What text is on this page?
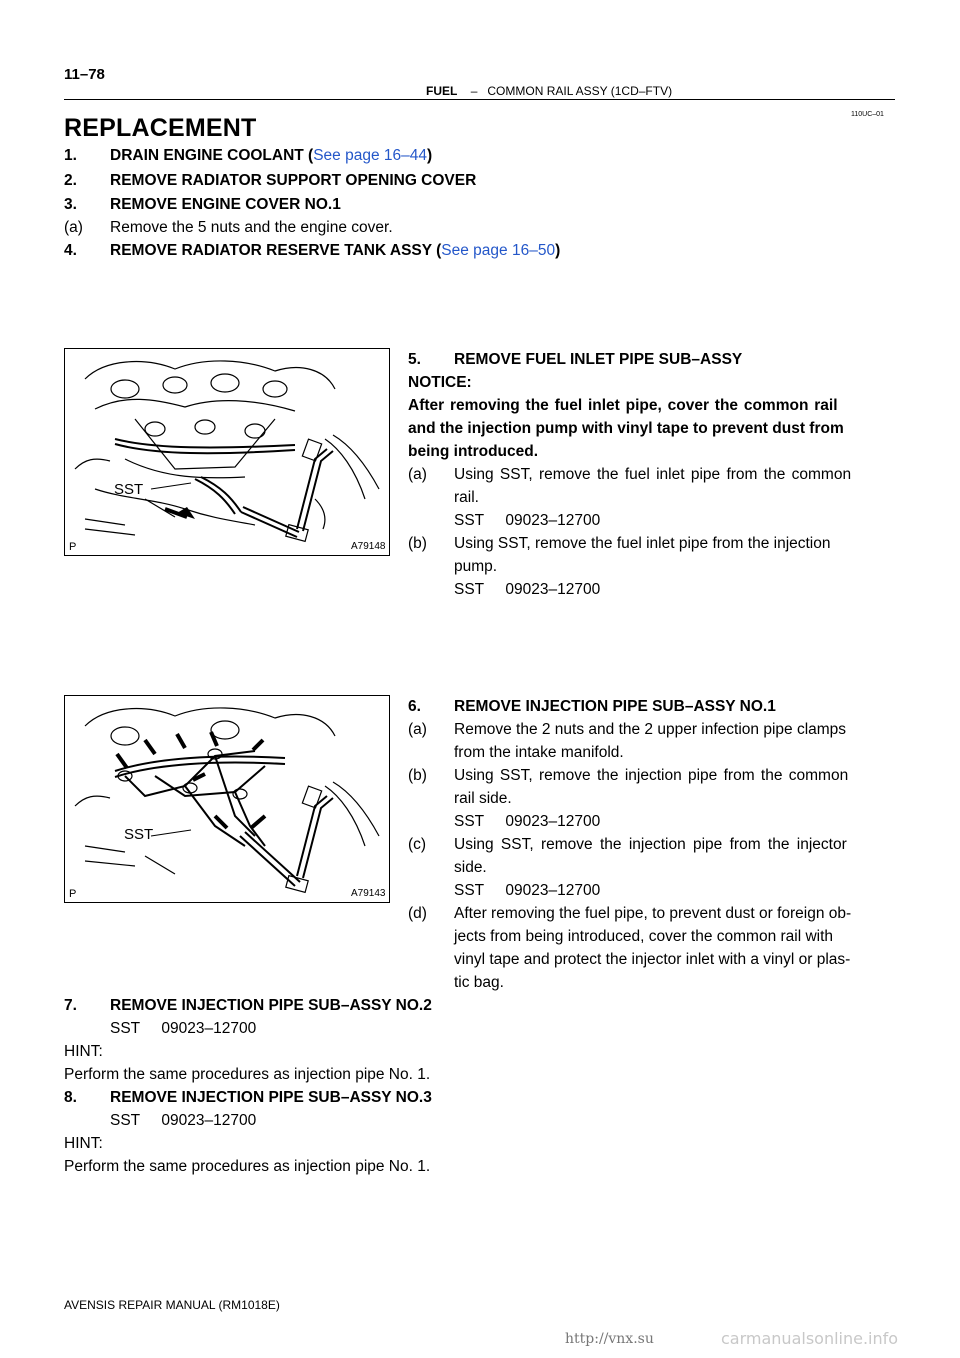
11–78
FUEL – COMMON RAIL ASSY (1CD–FTV)
110UC–01
REPLACEMENT
1. DRAIN ENGINE COOLANT (See page 16–44)
2. REMOVE RADIATOR SUPPORT OPENING COVER
3. REMOVE ENGINE COVER NO.1
(a) Remove the 5 nuts and the engine cover.
4. REMOVE RADIATOR RESERVE TANK ASSY (See page 16–50)
P	A79148
SST
5. REMOVE FUEL INLET PIPE SUB–ASSY
NOTICE:
After removing the fuel inlet pipe, cover the common rail
and the injection pump with vinyl tape to prevent dust from
being introduced.
(a) Using SST, remove the fuel inlet pipe from the common
rail.
SST     09023–12700
(b) Using SST, remove the fuel inlet pipe from the injection
pump.
SST     09023–12700
P	A79143
SST
6. REMOVE INJECTION PIPE SUB–ASSY NO.1
(a) Remove the 2 nuts and the 2 upper infection pipe clamps
from the intake manifold.
(b) Using SST, remove the injection pipe from the common
rail side.
SST     09023–12700
(c) Using SST, remove the injection pipe from the injector
side.
SST     09023–12700
(d) After removing the fuel pipe, to prevent dust or foreign ob-
jects from being introduced, cover the common rail with
vinyl tape and protect the injector inlet with a vinyl or plas-
tic bag.
7. REMOVE INJECTION PIPE SUB–ASSY NO.2
SST     09023–12700
HINT:
Perform the same procedures as injection pipe No. 1.
8. REMOVE INJECTION PIPE SUB–ASSY NO.3
SST     09023–12700
HINT:
Perform the same procedures as injection pipe No. 1.
AVENSIS REPAIR MANUAL (RM1018E)
http://vnx.su	carmanualsonline.info
